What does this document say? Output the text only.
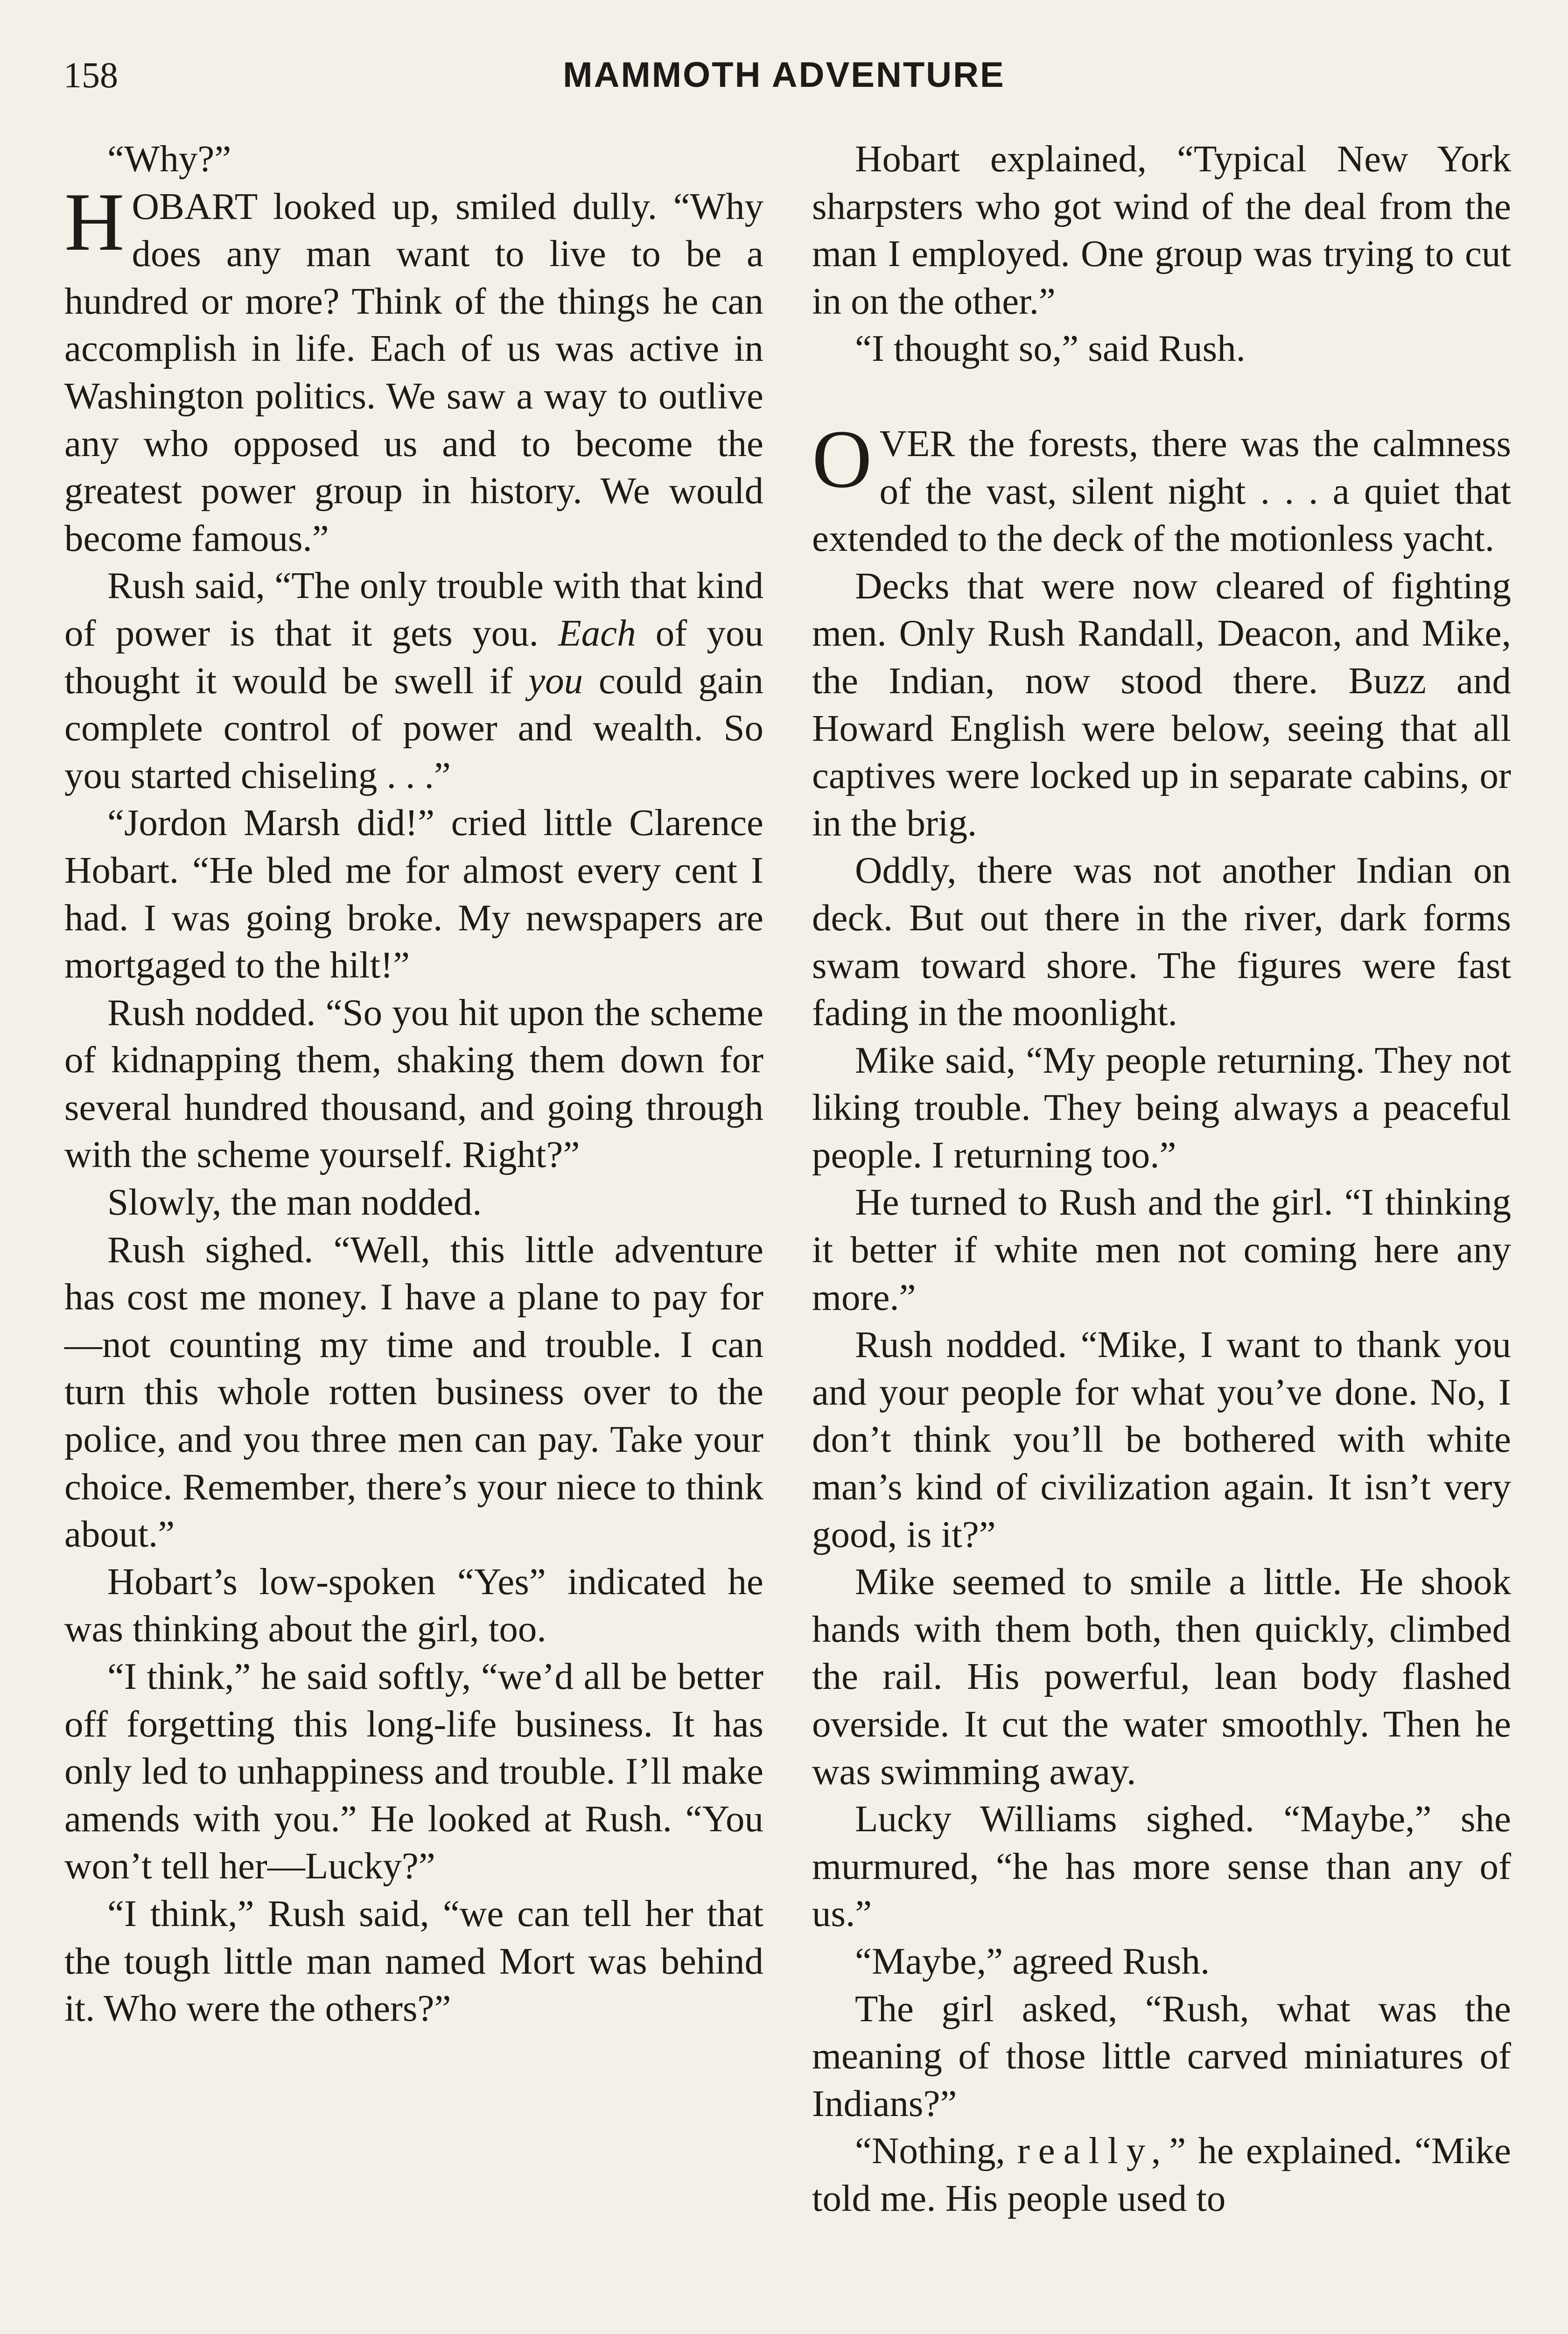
158	MAMMOTH ADVENTURE

“Why?”

HOBART looked up, smiled dully. “Why does any man want to live to be a hundred or more? Think of the things he can accomplish in life. Each of us was active in Washington politics. We saw a way to outlive any who opposed us and to become the greatest power group in history. We would become famous.”

Rush said, “The only trouble with that kind of power is that it gets you. Each of you thought it would be swell if you could gain complete control of power and wealth. So you started chiseling . . .”

“Jordon Marsh did!” cried little Clarence Hobart. “He bled me for almost every cent I had. I was going broke. My newspapers are mortgaged to the hilt!”

Rush nodded. “So you hit upon the scheme of kidnapping them, shaking them down for several hundred thousand, and going through with the scheme yourself. Right?”

Slowly, the man nodded.

Rush sighed. “Well, this little adventure has cost me money. I have a plane to pay for—not counting my time and trouble. I can turn this whole rotten business over to the police, and you three men can pay. Take your choice. Remember, there’s your niece to think about.”

Hobart’s low-spoken “Yes” indicated he was thinking about the girl, too.

“I think,” he said softly, “we’d all be better off forgetting this long-life business. It has only led to unhappiness and trouble. I’ll make amends with you.” He looked at Rush. “You won’t tell her—Lucky?”

“I think,” Rush said, “we can tell her that the tough little man named Mort was behind it. Who were the others?”

Hobart explained, “Typical New York sharpsters who got wind of the deal from the man I employed. One group was trying to cut in on the other.”

“I thought so,” said Rush.

OVER the forests, there was the calmness of the vast, silent night . . . a quiet that extended to the deck of the motionless yacht.

Decks that were now cleared of fighting men. Only Rush Randall, Deacon, and Mike, the Indian, now stood there. Buzz and Howard English were below, seeing that all captives were locked up in separate cabins, or in the brig.

Oddly, there was not another Indian on deck. But out there in the river, dark forms swam toward shore. The figures were fast fading in the moonlight.

Mike said, “My people returning. They not liking trouble. They being always a peaceful people. I returning too.”

He turned to Rush and the girl. “I thinking it better if white men not coming here any more.”

Rush nodded. “Mike, I want to thank you and your people for what you’ve done. No, I don’t think you’ll be bothered with white man’s kind of civilization again. It isn’t very good, is it?”

Mike seemed to smile a little. He shook hands with them both, then quickly, climbed the rail. His powerful, lean body flashed overside. It cut the water smoothly. Then he was swimming away.

Lucky Williams sighed. “Maybe,” she murmured, “he has more sense than any of us.”

“Maybe,” agreed Rush.

The girl asked, “Rush, what was the meaning of those little carved miniatures of Indians?”

“Nothing, really,” he explained. “Mike told me. His people used to
